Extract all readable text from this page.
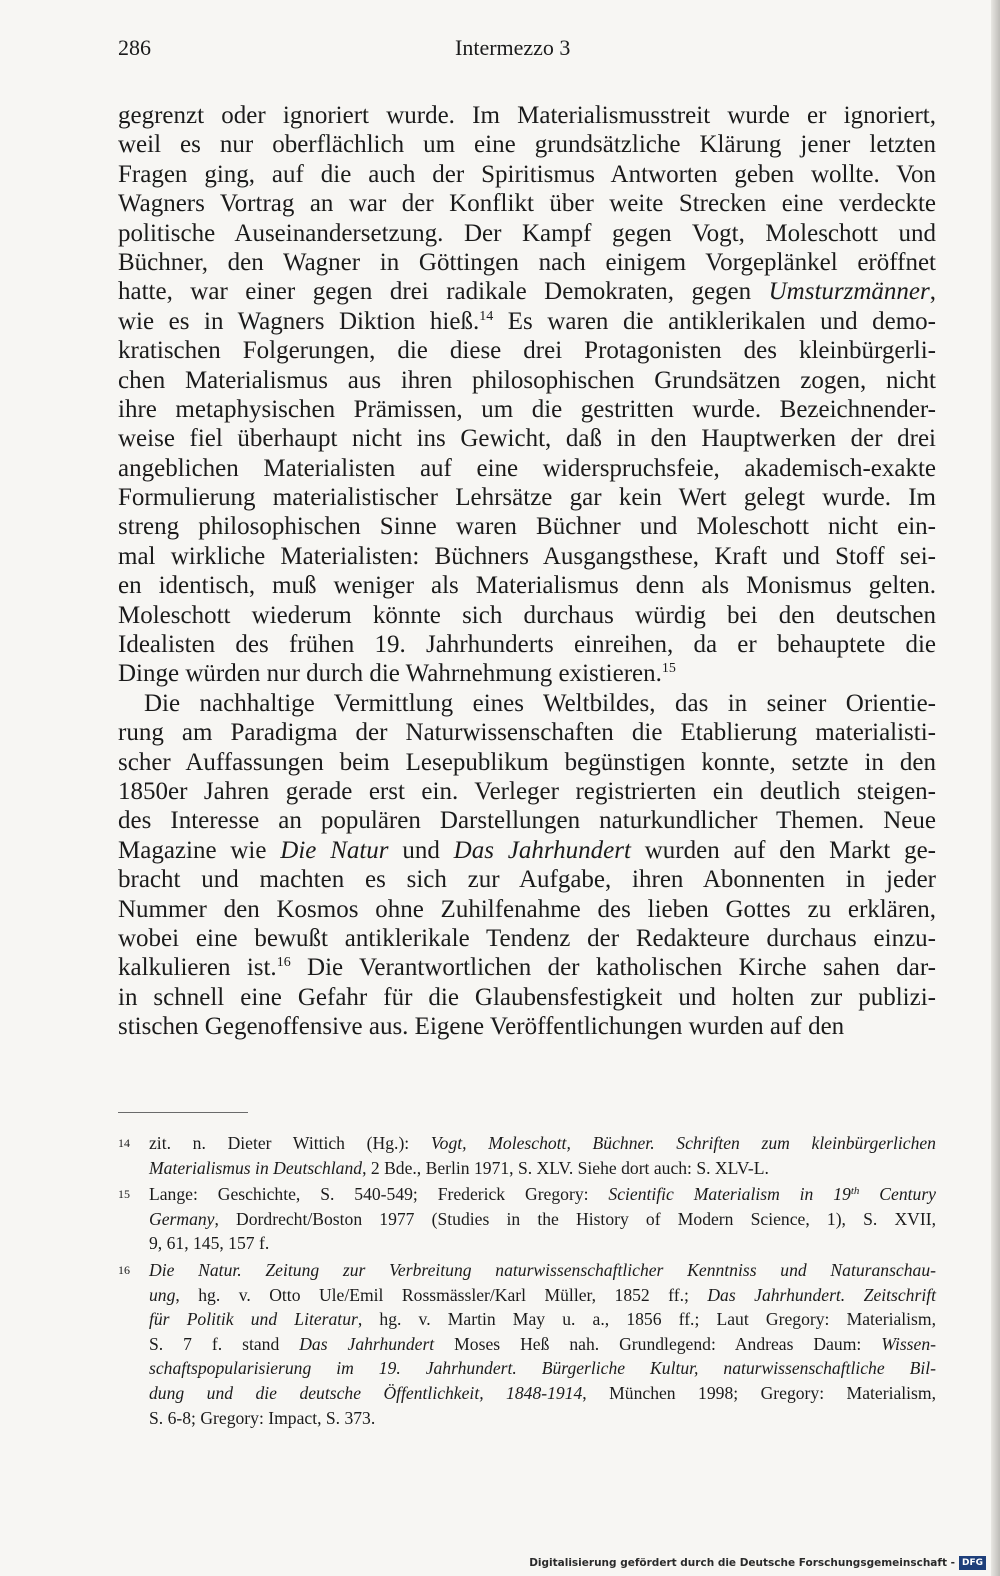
286	Intermezzo 3
gegrenzt oder ignoriert wurde. Im Materialismusstreit wurde er ignoriert,
weil es nur oberflächlich um eine grundsätzliche Klärung jener letzten
Fragen ging, auf die auch der Spiritismus Antworten geben wollte. Von
Wagners Vortrag an war der Konflikt über weite Strecken eine verdeckte
politische Auseinandersetzung. Der Kampf gegen Vogt, Moleschott und
Büchner, den Wagner in Göttingen nach einigem Vorgeplänkel eröffnet
hatte, war einer gegen drei radikale Demokraten, gegen Umsturzmänner,
wie es in Wagners Diktion hieß.$^{14}$ Es waren die antiklerikalen und demo-
kratischen Folgerungen, die diese drei Protagonisten des kleinbürgerli-
chen Materialismus aus ihren philosophischen Grundsätzen zogen, nicht
ihre metaphysischen Prämissen, um die gestritten wurde. Bezeichnender-
weise fiel überhaupt nicht ins Gewicht, daß in den Hauptwerken der drei
angeblichen Materialisten auf eine widerspruchsfeie, akademisch-exakte
Formulierung materialistischer Lehrsätze gar kein Wert gelegt wurde. Im
streng philosophischen Sinne waren Büchner und Moleschott nicht ein-
mal wirkliche Materialisten: Büchners Ausgangsthese, Kraft und Stoff sei-
en identisch, muß weniger als Materialismus denn als Monismus gelten.
Moleschott wiederum könnte sich durchaus würdig bei den deutschen
Idealisten des frühen 19. Jahrhunderts einreihen, da er behauptete die
Dinge würden nur durch die Wahrnehmung existieren.$^{15}$
Die nachhaltige Vermittlung eines Weltbildes, das in seiner Orientie-
rung am Paradigma der Naturwissenschaften die Etablierung materialisti-
scher Auffassungen beim Lesepublikum begünstigen konnte, setzte in den
1850er Jahren gerade erst ein. Verleger registrierten ein deutlich steigen-
des Interesse an populären Darstellungen naturkundlicher Themen. Neue
Magazine wie Die Natur und Das Jahrhundert wurden auf den Markt ge-
bracht und machten es sich zur Aufgabe, ihren Abonnenten in jeder
Nummer den Kosmos ohne Zuhilfenahme des lieben Gottes zu erklären,
wobei eine bewußt antiklerikale Tendenz der Redakteure durchaus einzu-
kalkulieren ist.$^{16}$ Die Verantwortlichen der katholischen Kirche sahen dar-
in schnell eine Gefahr für die Glaubensfestigkeit und holten zur publizi-
stischen Gegenoffensive aus. Eigene Veröffentlichungen wurden auf den
14 zit. n. Dieter Wittich (Hg.): Vogt, Moleschott, Büchner. Schriften zum kleinbürgerlichen
Materialismus in Deutschland, 2 Bde., Berlin 1971, S. XLV. Siehe dort auch: S. XLV-L.
15 Lange: Geschichte, S. 540-549; Frederick Gregory: Scientific Materialism in 19th Century
Germany, Dordrecht/Boston 1977 (Studies in the History of Modern Science, 1), S. XVII,
9, 61, 145, 157 f.
16 Die Natur. Zeitung zur Verbreitung naturwissenschaftlicher Kenntniss und Naturanschau-
ung, hg. v. Otto Ule/Emil Rossmässler/Karl Müller, 1852 ff.; Das Jahrhundert. Zeitschrift
für Politik und Literatur, hg. v. Martin May u. a., 1856 ff.; Laut Gregory: Materialism,
S. 7 f. stand Das Jahrhundert Moses Heß nah. Grundlegend: Andreas Daum: Wissen-
schaftspopularisierung im 19. Jahrhundert. Bürgerliche Kultur, naturwissenschaftliche Bil-
dung und die deutsche Öffentlichkeit, 1848-1914, München 1998; Gregory: Materialism,
S. 6-8; Gregory: Impact, S. 373.
Digitalisierung gefördert durch die Deutsche Forschungsgemeinschaft - DFG
